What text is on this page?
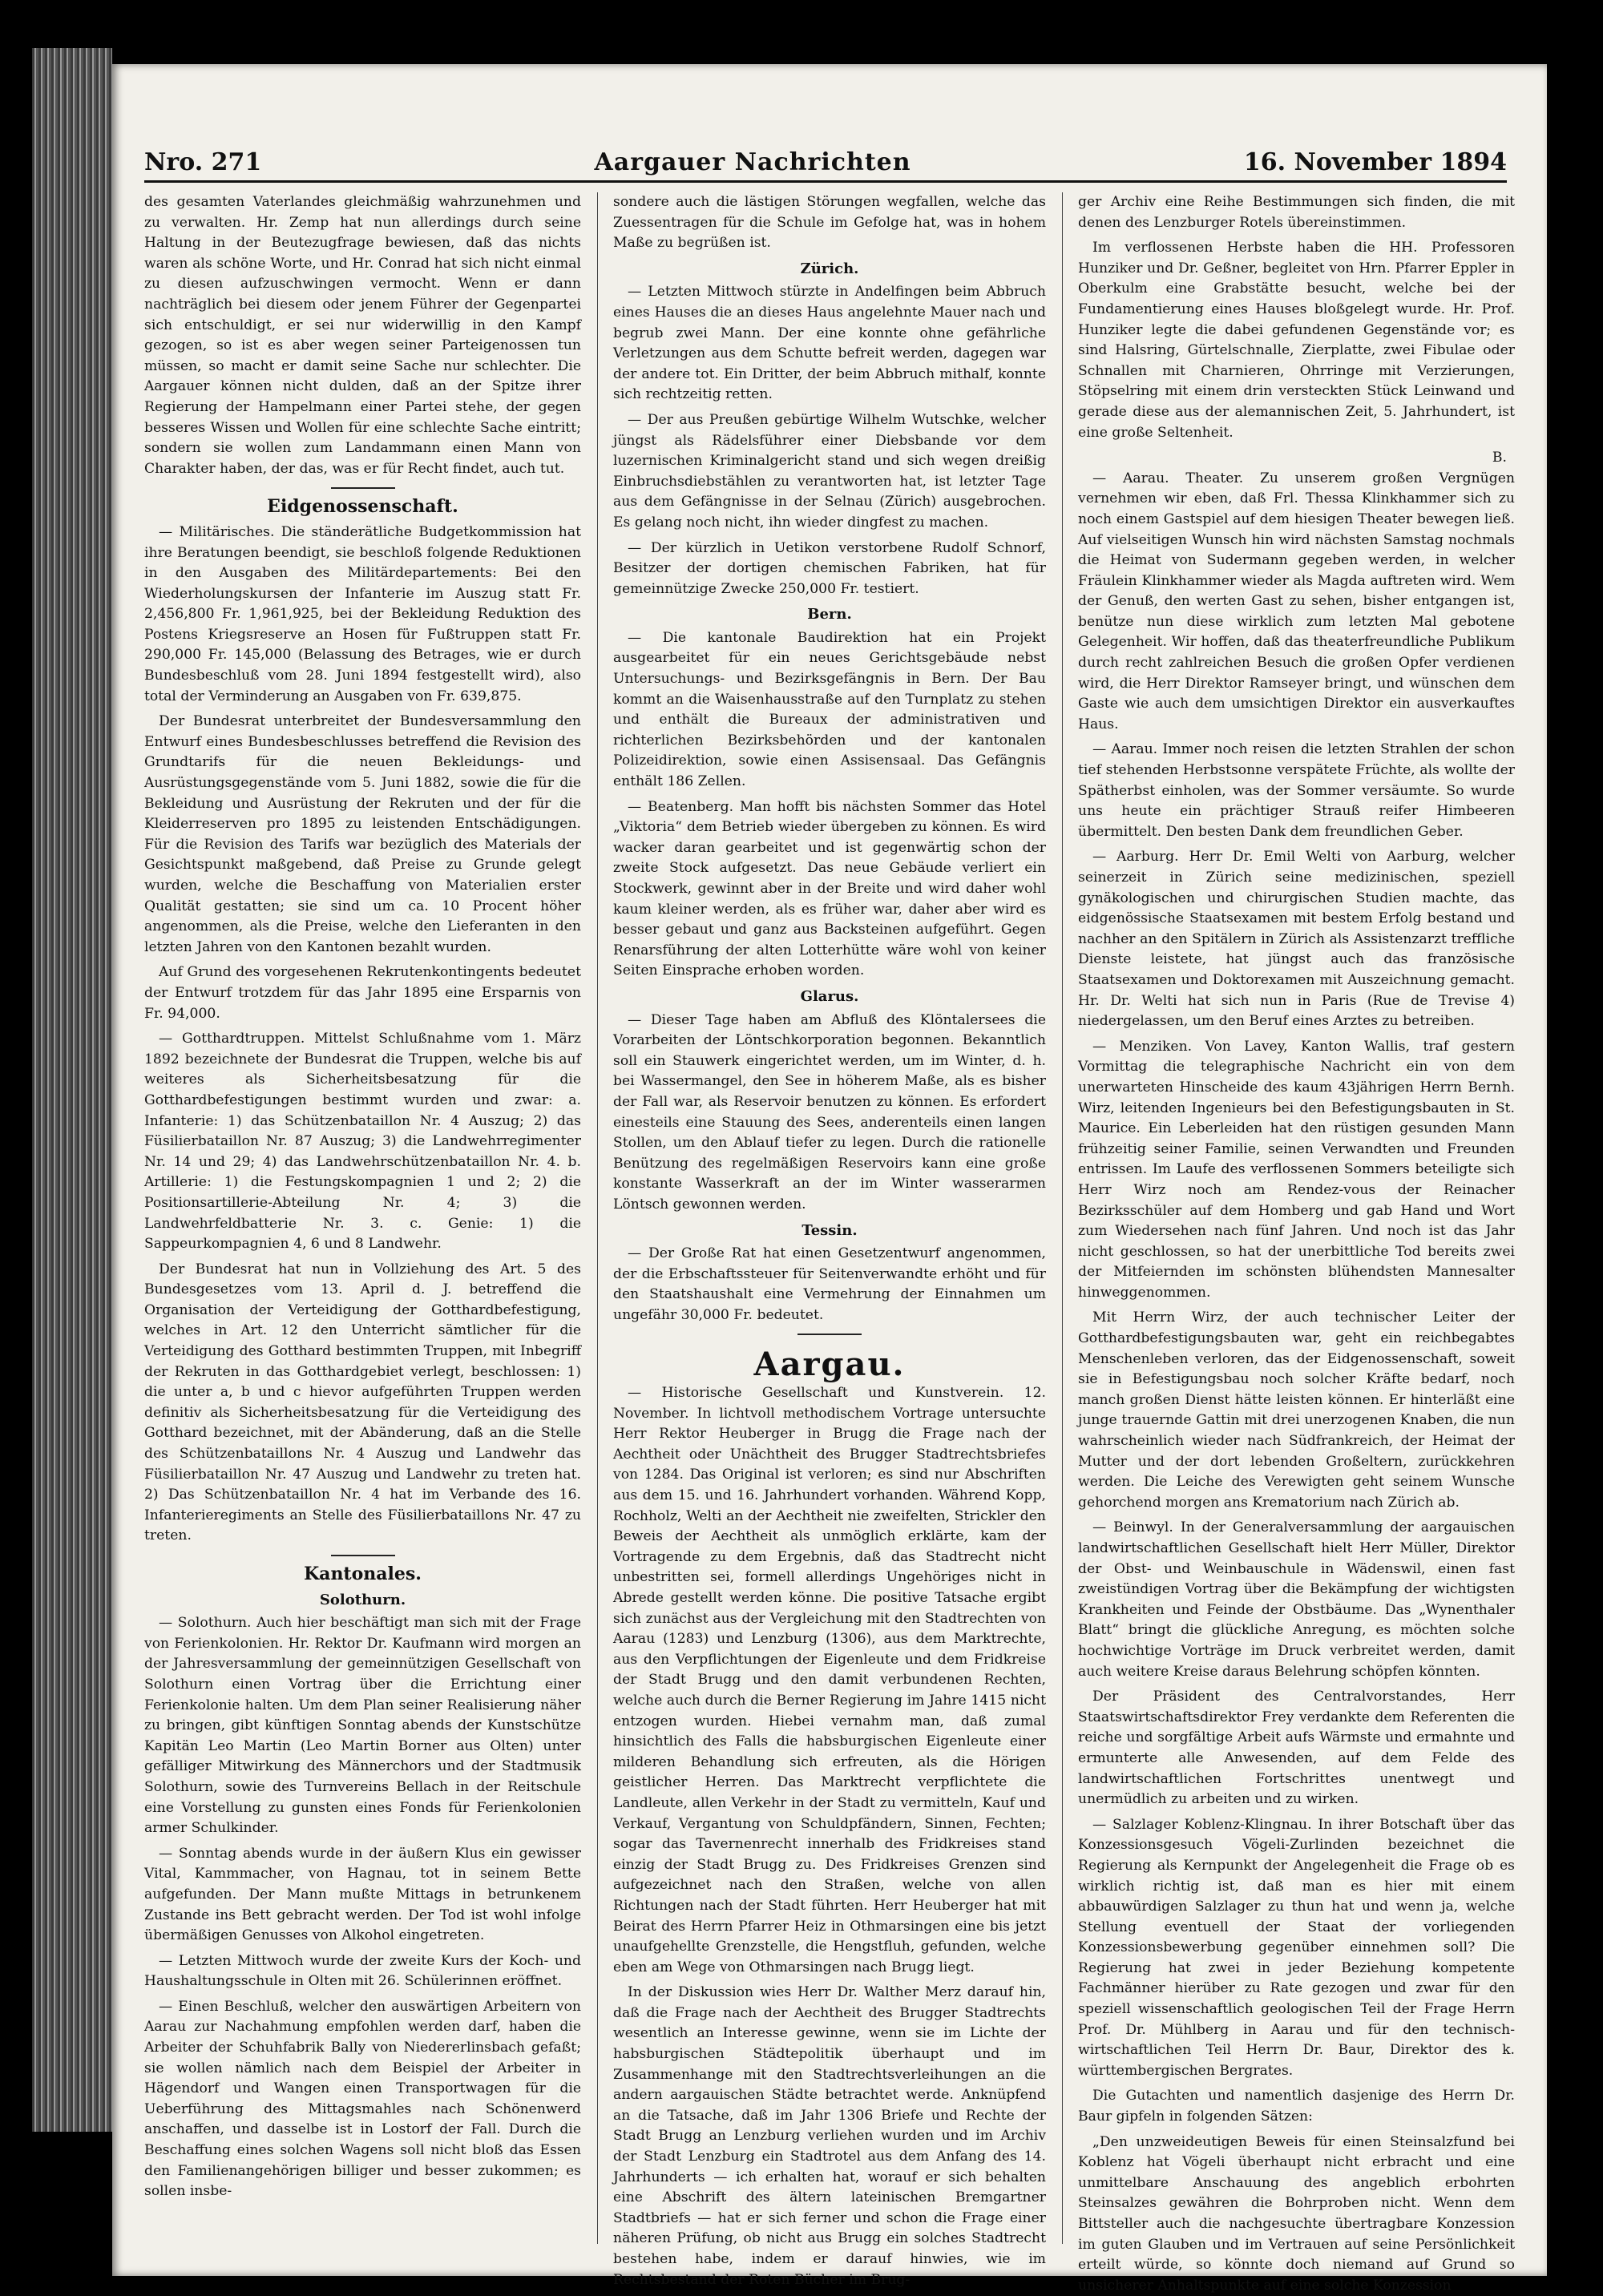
Nro. 271	Aargauer Nachrichten	16. November 1894

des gesamten Vaterlandes gleichmäßig wahrzunehmen und zu verwalten. Hr. Zemp hat nun allerdings durch seine Haltung in der Beutezugfrage bewiesen, daß das nichts waren als schöne Worte, und Hr. Conrad hat sich nicht einmal zu diesen aufzuschwingen vermocht. Wenn er dann nachträglich bei diesem oder jenem Führer der Gegenpartei sich entschuldigt, er sei nur widerwillig in den Kampf gezogen, so ist es aber wegen seiner Parteigenossen tun müssen, so macht er damit seine Sache nur schlechter. Die Aargauer können nicht dulden, daß an der Spitze ihrer Regierung der Hampelmann einer Partei stehe, der gegen besseres Wissen und Wollen für eine schlechte Sache eintritt; sondern sie wollen zum Landammann einen Mann von Charakter haben, der das, was er für Recht findet, auch tut.

Eidgenossenschaft.

— Militärisches. Die ständerätliche Budgetkommission hat ihre Beratungen beendigt, sie beschloß folgende Reduktionen in den Ausgaben des Militärdepartements: Bei den Wiederholungskursen der Infanterie im Auszug statt Fr. 2,456,800 Fr. 1,961,925, bei der Bekleidung Reduktion des Postens Kriegsreserve an Hosen für Fußtruppen statt Fr. 290,000 Fr. 145,000 (Belassung des Betrages, wie er durch Bundesbeschluß vom 28. Juni 1894 festgestellt wird), also total der Verminderung an Ausgaben von Fr. 639,875.

Der Bundesrat unterbreitet der Bundesversammlung den Entwurf eines Bundesbeschlusses betreffend die Revision des Grundtarifs für die neuen Bekleidungs- und Ausrüstungsgegenstände vom 5. Juni 1882, sowie die für die Bekleidung und Ausrüstung der Rekruten und der für die Kleiderreserven pro 1895 zu leistenden Entschädigungen. Für die Revision des Tarifs war bezüglich des Materials der Gesichtspunkt maßgebend, daß Preise zu Grunde gelegt wurden, welche die Beschaffung von Materialien erster Qualität gestatten; sie sind um ca. 10 Procent höher angenommen, als die Preise, welche den Lieferanten in den letzten Jahren von den Kantonen bezahlt wurden.

Auf Grund des vorgesehenen Rekrutenkontingents bedeutet der Entwurf trotzdem für das Jahr 1895 eine Ersparnis von Fr. 94,000.

— Gotthardtruppen. Mittelst Schlußnahme vom 1. März 1892 bezeichnete der Bundesrat die Truppen, welche bis auf weiteres als Sicherheitsbesatzung für die Gotthardbefestigungen bestimmt wurden und zwar: a. Infanterie: 1) das Schützenbataillon Nr. 4 Auszug; 2) das Füsilierbataillon Nr. 87 Auszug; 3) die Landwehrregimenter Nr. 14 und 29; 4) das Landwehrschützenbataillon Nr. 4. b. Artillerie: 1) die Festungskompagnien 1 und 2; 2) die Positionsartillerie-Abteilung Nr. 4; 3) die Landwehrfeldbatterie Nr. 3. c. Genie: 1) die Sappeurkompagnien 4, 6 und 8 Landwehr.

Der Bundesrat hat nun in Vollziehung des Art. 5 des Bundesgesetzes vom 13. April d. J. betreffend die Organisation der Verteidigung der Gotthardbefestigung, welches in Art. 12 den Unterricht sämtlicher für die Verteidigung des Gotthard bestimmten Truppen, mit Inbegriff der Rekruten in das Gotthardgebiet verlegt, beschlossen: 1) die unter a, b und c hievor aufgeführten Truppen werden definitiv als Sicherheitsbesatzung für die Verteidigung des Gotthard bezeichnet, mit der Abänderung, daß an die Stelle des Schützenbataillons Nr. 4 Auszug und Landwehr das Füsilierbataillon Nr. 47 Auszug und Landwehr zu treten hat. 2) Das Schützenbataillon Nr. 4 hat im Verbande des 16. Infanterieregiments an Stelle des Füsilierbataillons Nr. 47 zu treten.

Kantonales.
Solothurn.

— Solothurn. Auch hier beschäftigt man sich mit der Frage von Ferienkolonien. Hr. Rektor Dr. Kaufmann wird morgen an der Jahresversammlung der gemeinnützigen Gesellschaft von Solothurn einen Vortrag über die Errichtung einer Ferienkolonie halten. Um dem Plan seiner Realisierung näher zu bringen, gibt künftigen Sonntag abends der Kunstschütze Kapitän Leo Martin (Leo Martin Borner aus Olten) unter gefälliger Mitwirkung des Männerchors und der Stadtmusik Solothurn, sowie des Turnvereins Bellach in der Reitschule eine Vorstellung zu gunsten eines Fonds für Ferienkolonien armer Schulkinder.

— Sonntag abends wurde in der äußern Klus ein gewisser Vital, Kammmacher, von Hagnau, tot in seinem Bette aufgefunden. Der Mann mußte Mittags in betrunkenem Zustande ins Bett gebracht werden. Der Tod ist wohl infolge übermäßigen Genusses von Alkohol eingetreten.

— Letzten Mittwoch wurde der zweite Kurs der Koch- und Haushaltungsschule in Olten mit 26. Schülerinnen eröffnet.

— Einen Beschluß, welcher den auswärtigen Arbeitern von Aarau zur Nachahmung empfohlen werden darf, haben die Arbeiter der Schuhfabrik Bally von Niedererlinsbach gefaßt; sie wollen nämlich nach dem Beispiel der Arbeiter in Hägendorf und Wangen einen Transportwagen für die Ueberführung des Mittagsmahles nach Schönenwerd anschaffen, und dasselbe ist in Lostorf der Fall. Durch die Beschaffung eines solchen Wagens soll nicht bloß das Essen den Familienangehörigen billiger und besser zukommen; es sollen insbe-

sondere auch die lästigen Störungen wegfallen, welche das Zuessentragen für die Schule im Gefolge hat, was in hohem Maße zu begrüßen ist.

Zürich.

— Letzten Mittwoch stürzte in Andelfingen beim Abbruch eines Hauses die an dieses Haus angelehnte Mauer nach und begrub zwei Mann. Der eine konnte ohne gefährliche Verletzungen aus dem Schutte befreit werden, dagegen war der andere tot. Ein Dritter, der beim Abbruch mithalf, konnte sich rechtzeitig retten.

— Der aus Preußen gebürtige Wilhelm Wutschke, welcher jüngst als Rädelsführer einer Diebsbande vor dem luzernischen Kriminalgericht stand und sich wegen dreißig Einbruchsdiebstählen zu verantworten hat, ist letzter Tage aus dem Gefängnisse in der Selnau (Zürich) ausgebrochen. Es gelang noch nicht, ihn wieder dingfest zu machen.

— Der kürzlich in Uetikon verstorbene Rudolf Schnorf, Besitzer der dortigen chemischen Fabriken, hat für gemeinnützige Zwecke 250,000 Fr. testiert.

Bern.

— Die kantonale Baudirektion hat ein Projekt ausgearbeitet für ein neues Gerichtsgebäude nebst Untersuchungs- und Bezirksgefängnis in Bern. Der Bau kommt an die Waisenhausstraße auf den Turnplatz zu stehen und enthält die Bureaux der administrativen und richterlichen Bezirksbehörden und der kantonalen Polizeidirektion, sowie einen Assisensaal. Das Gefängnis enthält 186 Zellen.

— Beatenberg. Man hofft bis nächsten Sommer das Hotel „Viktoria“ dem Betrieb wieder übergeben zu können. Es wird wacker daran gearbeitet und ist gegenwärtig schon der zweite Stock aufgesetzt. Das neue Gebäude verliert ein Stockwerk, gewinnt aber in der Breite und wird daher wohl kaum kleiner werden, als es früher war, daher aber wird es besser gebaut und ganz aus Backsteinen aufgeführt. Gegen Renarsführung der alten Lotterhütte wäre wohl von keiner Seiten Einsprache erhoben worden.

Glarus.

— Dieser Tage haben am Abfluß des Klöntalersees die Vorarbeiten der Löntschkorporation begonnen. Bekanntlich soll ein Stauwerk eingerichtet werden, um im Winter, d. h. bei Wassermangel, den See in höherem Maße, als es bisher der Fall war, als Reservoir benutzen zu können. Es erfordert einesteils eine Stauung des Sees, anderenteils einen langen Stollen, um den Ablauf tiefer zu legen. Durch die rationelle Benützung des regelmäßigen Reservoirs kann eine große konstante Wasserkraft an der im Winter wasserarmen Löntsch gewonnen werden.

Tessin.

— Der Große Rat hat einen Gesetzentwurf angenommen, der die Erbschaftssteuer für Seitenverwandte erhöht und für den Staatshaushalt eine Vermehrung der Einnahmen um ungefähr 30,000 Fr. bedeutet.

Aargau.

— Historische Gesellschaft und Kunstverein. 12. November. In lichtvoll methodischem Vortrage untersuchte Herr Rektor Heuberger in Brugg die Frage nach der Aechtheit oder Unächtheit des Brugger Stadtrechtsbriefes von 1284. Das Original ist verloren; es sind nur Abschriften aus dem 15. und 16. Jahrhundert vorhanden. Während Kopp, Rochholz, Welti an der Aechtheit nie zweifelten, Strickler den Beweis der Aechtheit als unmöglich erklärte, kam der Vortragende zu dem Ergebnis, daß das Stadtrecht nicht unbestritten sei, formell allerdings Ungehöriges nicht in Abrede gestellt werden könne. Die positive Tatsache ergibt sich zunächst aus der Vergleichung mit den Stadtrechten von Aarau (1283) und Lenzburg (1306), aus dem Marktrechte, aus den Verpflichtungen der Eigenleute und dem Fridkreise der Stadt Brugg und den damit verbundenen Rechten, welche auch durch die Berner Regierung im Jahre 1415 nicht entzogen wurden. Hiebei vernahm man, daß zumal hinsichtlich des Falls die habsburgischen Eigenleute einer milderen Behandlung sich erfreuten, als die Hörigen geistlicher Herren. Das Marktrecht verpflichtete die Landleute, allen Verkehr in der Stadt zu vermitteln, Kauf und Verkauf, Vergantung von Schuldpfändern, Sinnen, Fechten; sogar das Tavernenrecht innerhalb des Fridkreises stand einzig der Stadt Brugg zu. Des Fridkreises Grenzen sind aufgezeichnet nach den Straßen, welche von allen Richtungen nach der Stadt führten. Herr Heuberger hat mit Beirat des Herrn Pfarrer Heiz in Othmarsingen eine bis jetzt unaufgehellte Grenzstelle, die Hengstfluh, gefunden, welche eben am Wege von Othmarsingen nach Brugg liegt.

In der Diskussion wies Herr Dr. Walther Merz darauf hin, daß die Frage nach der Aechtheit des Brugger Stadtrechts wesentlich an Interesse gewinne, wenn sie im Lichte der habsburgischen Städtepolitik überhaupt und im Zusammenhange mit den Stadtrechtsverleihungen an die andern aargauischen Städte betrachtet werde. Anknüpfend an die Tatsache, daß im Jahr 1306 Briefe und Rechte der Stadt Brugg an Lenzburg verliehen wurden und im Archiv der Stadt Lenzburg ein Stadtrotel aus dem Anfang des 14. Jahrhunderts — ich erhalten hat, worauf er sich behalten eine Abschrift des ältern lateinischen Bremgartner Stadtbriefs — hat er sich ferner und schon die Frage einer näheren Prüfung, ob nicht aus Brugg ein solches Stadtrecht bestehen habe, indem er darauf hinwies, wie im Rechtsbestand der Roten Bücher im Brug-

ger Archiv eine Reihe Bestimmungen sich finden, die mit denen des Lenzburger Rotels übereinstimmen.

Im verflossenen Herbste haben die HH. Professoren Hunziker und Dr. Geßner, begleitet von Hrn. Pfarrer Eppler in Oberkulm eine Grabstätte besucht, welche bei der Fundamentierung eines Hauses bloßgelegt wurde. Hr. Prof. Hunziker legte die dabei gefundenen Gegenstände vor; es sind Halsring, Gürtelschnalle, Zierplatte, zwei Fibulae oder Schnallen mit Charnieren, Ohrringe mit Verzierungen, Stöpselring mit einem drin versteckten Stück Leinwand und gerade diese aus der alemannischen Zeit, 5. Jahrhundert, ist eine große Seltenheit.

B.

— Aarau. Theater. Zu unserem großen Vergnügen vernehmen wir eben, daß Frl. Thessa Klinkhammer sich zu noch einem Gastspiel auf dem hiesigen Theater bewegen ließ. Auf vielseitigen Wunsch hin wird nächsten Samstag nochmals die Heimat von Sudermann gegeben werden, in welcher Fräulein Klinkhammer wieder als Magda auftreten wird. Wem der Genuß, den werten Gast zu sehen, bisher entgangen ist, benütze nun diese wirklich zum letzten Mal gebotene Gelegenheit. Wir hoffen, daß das theaterfreundliche Publikum durch recht zahlreichen Besuch die großen Opfer verdienen wird, die Herr Direktor Ramseyer bringt, und wünschen dem Gaste wie auch dem umsichtigen Direktor ein ausverkauftes Haus.

— Aarau. Immer noch reisen die letzten Strahlen der schon tief stehenden Herbstsonne verspätete Früchte, als wollte der Spätherbst einholen, was der Sommer versäumte. So wurde uns heute ein prächtiger Strauß reifer Himbeeren übermittelt. Den besten Dank dem freundlichen Geber.

— Aarburg. Herr Dr. Emil Welti von Aarburg, welcher seinerzeit in Zürich seine medizinischen, speziell gynäkologischen und chirurgischen Studien machte, das eidgenössische Staatsexamen mit bestem Erfolg bestand und nachher an den Spitälern in Zürich als Assistenzarzt treffliche Dienste leistete, hat jüngst auch das französische Staatsexamen und Doktorexamen mit Auszeichnung gemacht. Hr. Dr. Welti hat sich nun in Paris (Rue de Trevise 4) niedergelassen, um den Beruf eines Arztes zu betreiben.

— Menziken. Von Lavey, Kanton Wallis, traf gestern Vormittag die telegraphische Nachricht ein von dem unerwarteten Hinscheide des kaum 43jährigen Herrn Bernh. Wirz, leitenden Ingenieurs bei den Befestigungsbauten in St. Maurice. Ein Leberleiden hat den rüstigen gesunden Mann frühzeitig seiner Familie, seinen Verwandten und Freunden entrissen. Im Laufe des verflossenen Sommers beteiligte sich Herr Wirz noch am Rendez-vous der Reinacher Bezirksschüler auf dem Homberg und gab Hand und Wort zum Wiedersehen nach fünf Jahren. Und noch ist das Jahr nicht geschlossen, so hat der unerbittliche Tod bereits zwei der Mitfeiernden im schönsten blühendsten Mannesalter hinweggenommen.

Mit Herrn Wirz, der auch technischer Leiter der Gotthardbefestigungsbauten war, geht ein reichbegabtes Menschenleben verloren, das der Eidgenossenschaft, soweit sie in Befestigungsbau noch solcher Kräfte bedarf, noch manch großen Dienst hätte leisten können. Er hinterläßt eine junge trauernde Gattin mit drei unerzogenen Knaben, die nun wahrscheinlich wieder nach Südfrankreich, der Heimat der Mutter und der dort lebenden Großeltern, zurückkehren werden. Die Leiche des Verewigten geht seinem Wunsche gehorchend morgen ans Krematorium nach Zürich ab.

— Beinwyl. In der Generalversammlung der aargauischen landwirtschaftlichen Gesellschaft hielt Herr Müller, Direktor der Obst- und Weinbauschule in Wädenswil, einen fast zweistündigen Vortrag über die Bekämpfung der wichtigsten Krankheiten und Feinde der Obstbäume. Das „Wynenthaler Blatt“ bringt die glückliche Anregung, es möchten solche hochwichtige Vorträge im Druck verbreitet werden, damit auch weitere Kreise daraus Belehrung schöpfen könnten.

Der Präsident des Centralvorstandes, Herr Staatswirtschaftsdirektor Frey verdankte dem Referenten die reiche und sorgfältige Arbeit aufs Wärmste und ermahnte und ermunterte alle Anwesenden, auf dem Felde des landwirtschaftlichen Fortschrittes unentwegt und unermüdlich zu arbeiten und zu wirken.

— Salzlager Koblenz-Klingnau. In ihrer Botschaft über das Konzessionsgesuch Vögeli-Zurlinden bezeichnet die Regierung als Kernpunkt der Angelegenheit die Frage ob es wirklich richtig ist, daß man es hier mit einem abbauwürdigen Salzlager zu thun hat und wenn ja, welche Stellung eventuell der Staat der vorliegenden Konzessionsbewerbung gegenüber einnehmen soll? Die Regierung hat zwei in jeder Beziehung kompetente Fachmänner hierüber zu Rate gezogen und zwar für den speziell wissenschaftlich geologischen Teil der Frage Herrn Prof. Dr. Mühlberg in Aarau und für den technisch-wirtschaftlichen Teil Herrn Dr. Baur, Direktor des k. württembergischen Bergrates.

Die Gutachten und namentlich dasjenige des Herrn Dr. Baur gipfeln in folgenden Sätzen:

„Den unzweideutigen Beweis für einen Steinsalzfund bei Koblenz hat Vögeli überhaupt nicht erbracht und eine unmittelbare Anschauung des angeblich erbohrten Steinsalzes gewähren die Bohrproben nicht. Wenn dem Bittsteller auch die nachgesuchte übertragbare Konzession im guten Glauben und im Vertrauen auf seine Persönlichkeit erteilt würde, so könnte doch niemand auf Grund so unsicherer Anhaltspunkte auf eine solche Konzession
